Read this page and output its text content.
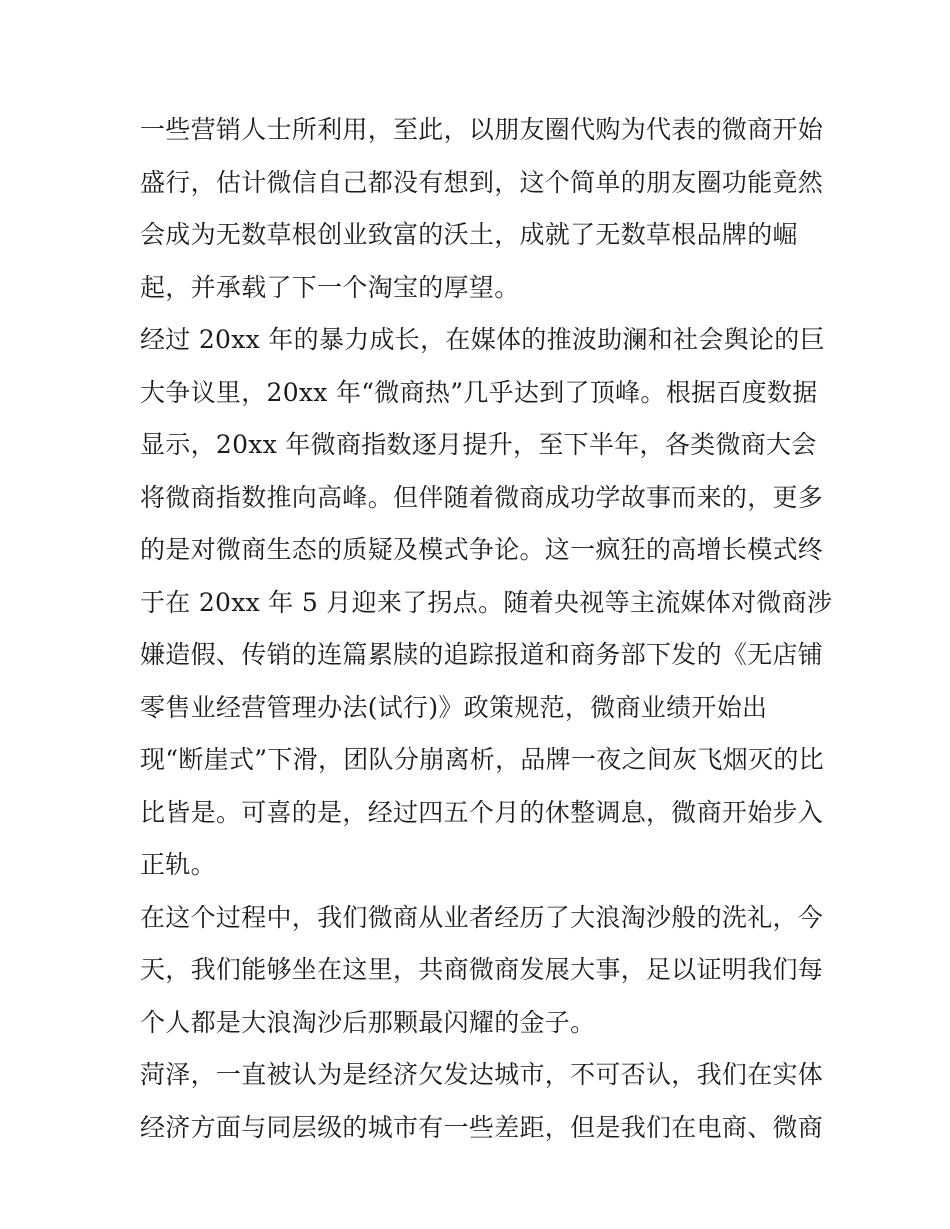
一些营销人士所利用，至此，以朋友圈代购为代表的微商开始
盛行，估计微信自己都没有想到，这个简单的朋友圈功能竟然
会成为无数草根创业致富的沃土，成就了无数草根品牌的崛
起，并承载了下一个淘宝的厚望。
经过 20xx 年的暴力成长，在媒体的推波助澜和社会舆论的巨
大争议里，20xx 年“微商热”几乎达到了顶峰。根据百度数据
显示，20xx 年微商指数逐月提升，至下半年，各类微商大会
将微商指数推向高峰。但伴随着微商成功学故事而来的，更多
的是对微商生态的质疑及模式争论。这一疯狂的高增长模式终
于在 20xx 年 5 月迎来了拐点。随着央视等主流媒体对微商涉
嫌造假、传销的连篇累牍的追踪报道和商务部下发的《无店铺
零售业经营管理办法(试行)》政策规范，微商业绩开始出
现“断崖式”下滑，团队分崩离析，品牌一夜之间灰飞烟灭的比
比皆是。可喜的是，经过四五个月的休整调息，微商开始步入
正轨。
在这个过程中，我们微商从业者经历了大浪淘沙般的洗礼，今
天，我们能够坐在这里，共商微商发展大事，足以证明我们每
个人都是大浪淘沙后那颗最闪耀的金子。
菏泽，一直被认为是经济欠发达城市，不可否认，我们在实体
经济方面与同层级的城市有一些差距，但是我们在电商、微商
